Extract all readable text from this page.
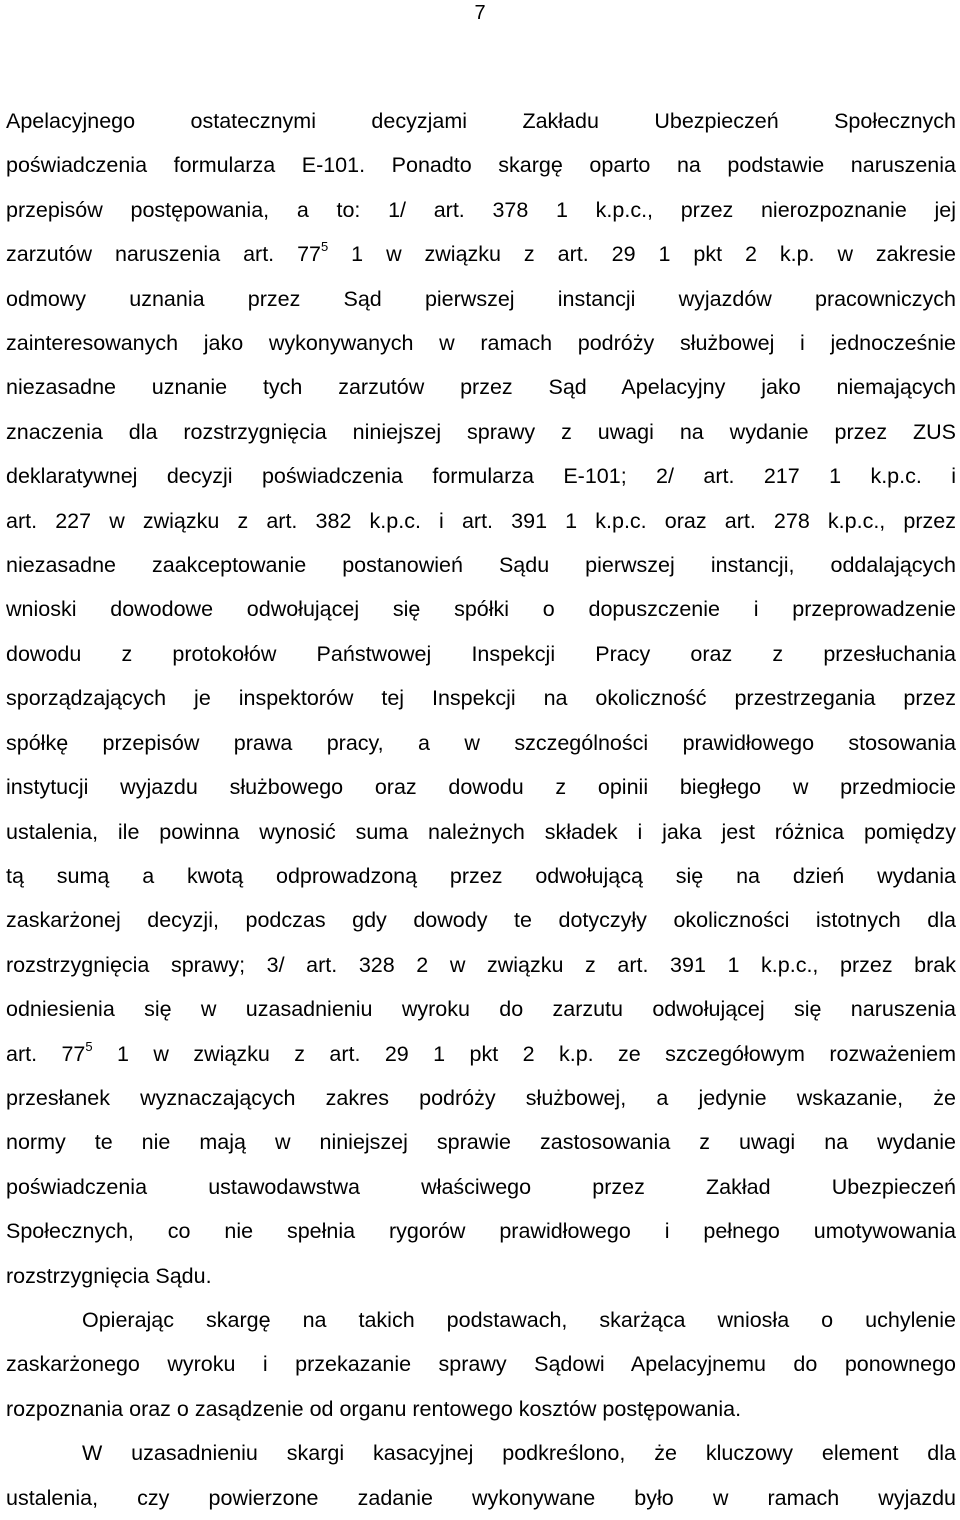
7

Apelacyjnego ostatecznymi decyzjami Zakładu Ubezpieczeń Społecznych

poświadczenia formularza E-101. Ponadto skargę oparto na podstawie naruszenia

przepisów postępowania, a to: 1/ art. 378 1 k.p.c., przez nierozpoznanie jej

zarzutów naruszenia art. $77^5$ 1 w związku z art. 29 1 pkt 2 k.p. w zakresie

odmowy uznania przez Sąd pierwszej instancji wyjazdów pracowniczych

zainteresowanych jako wykonywanych w ramach podróży służbowej i jednocześnie

niezasadne uznanie tych zarzutów przez Sąd Apelacyjny jako niemających

znaczenia dla rozstrzygnięcia niniejszej sprawy z uwagi na wydanie przez ZUS

deklaratywnej decyzji poświadczenia formularza E-101; 2/ art. 217 1 k.p.c. i

art. 227 w związku z art. 382 k.p.c. i art. 391 1 k.p.c. oraz art. 278 k.p.c., przez

niezasadne zaakceptowanie postanowień Sądu pierwszej instancji, oddalających

wnioski dowodowe odwołującej się spółki o dopuszczenie i przeprowadzenie

dowodu z protokołów Państwowej Inspekcji Pracy oraz z przesłuchania

sporządzających je inspektorów tej Inspekcji na okoliczność przestrzegania przez

spółkę przepisów prawa pracy, a w szczególności prawidłowego stosowania

instytucji wyjazdu służbowego oraz dowodu z opinii biegłego w przedmiocie

ustalenia, ile powinna wynosić suma należnych składek i jaka jest różnica pomiędzy

tą sumą a kwotą odprowadzoną przez odwołującą się na dzień wydania

zaskarżonej decyzji, podczas gdy dowody te dotyczyły okoliczności istotnych dla

rozstrzygnięcia sprawy; 3/ art. 328 2 w związku z art. 391 1 k.p.c., przez brak

odniesienia się w uzasadnieniu wyroku do zarzutu odwołującej się naruszenia

art. $77^5$ 1 w związku z art. 29 1 pkt 2 k.p. ze szczegółowym rozważeniem

przesłanek wyznaczających zakres podróży służbowej, a jedynie wskazanie, że

normy te nie mają w niniejszej sprawie zastosowania z uwagi na wydanie

poświadczenia ustawodawstwa właściwego przez Zakład Ubezpieczeń

Społecznych, co nie spełnia rygorów prawidłowego i pełnego umotywowania

rozstrzygnięcia Sądu.

Opierając skargę na takich podstawach, skarżąca wniosła o uchylenie

zaskarżonego wyroku i przekazanie sprawy Sądowi Apelacyjnemu do ponownego

rozpoznania oraz o zasądzenie od organu rentowego kosztów postępowania.

W uzasadnieniu skargi kasacyjnej podkreślono, że kluczowy element dla

ustalenia, czy powierzone zadanie wykonywane było w ramach wyjazdu
